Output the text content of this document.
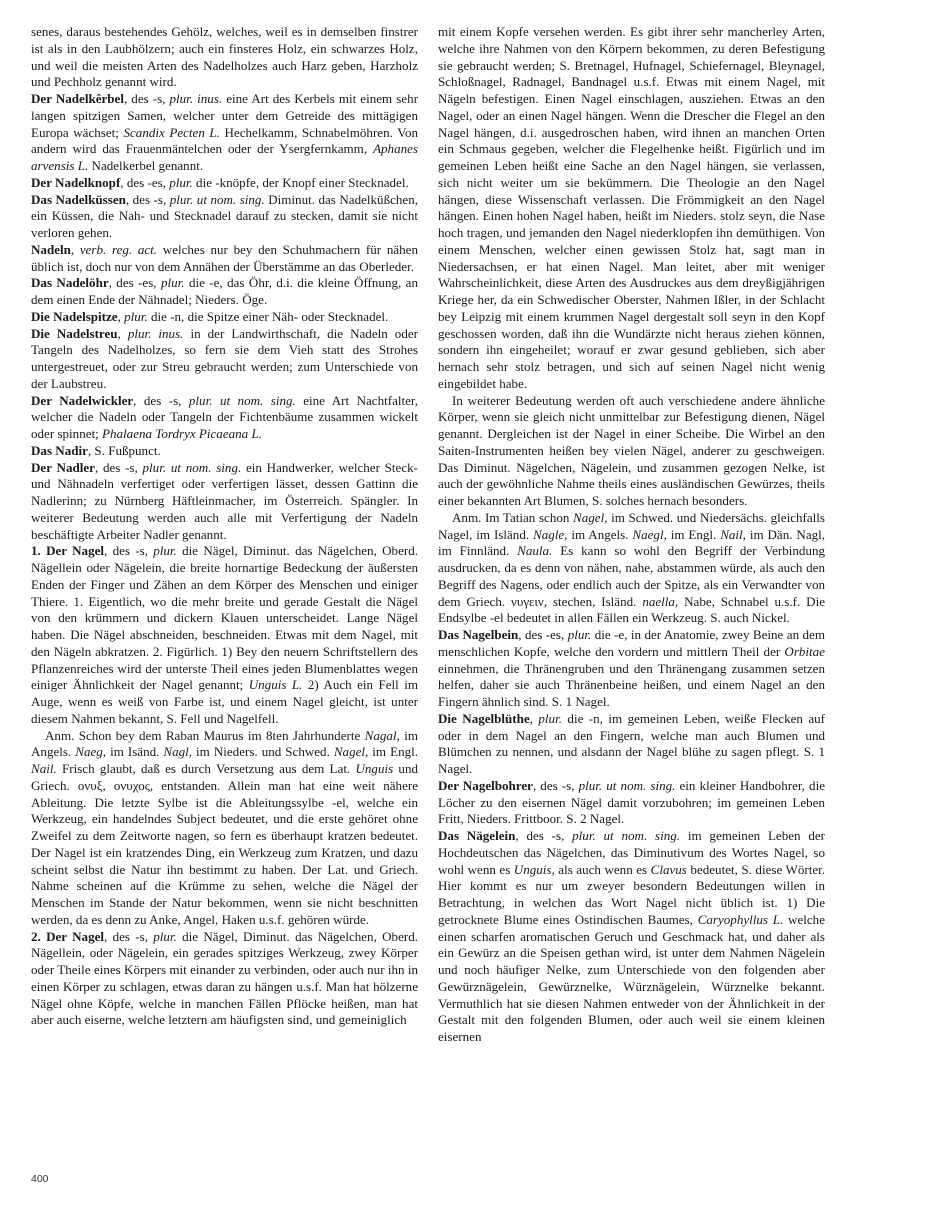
senes, daraus bestehendes Gehölz, welches, weil es in demselben finstrer ist als in den Laubhölzern; auch ein finsteres Holz, ein schwarzes Holz, und weil die meisten Arten des Nadelholzes auch Harz geben, Harzholz und Pechholz genannt wird.

Der Nadelkêrbel, des -s, plur. inus. eine Art des Kerbels mit einem sehr langen spitzigen Samen, welcher unter dem Getreide des mittägigen Europa wächset; Scandix Pecten L. Hechelkamm, Schnabelmöhren. Von andern wird das Frauenmäntelchen oder der Ysergfernkamm, Aphanes arvensis L. Nadelkerbel genannt.

Der Nadelknopf, des -es, plur. die -knöpfe, der Knopf einer Stecknadel.

Das Nadelküssen, des -s, plur. ut nom. sing. Diminut. das Nadelküßchen, ein Küssen, die Nah- und Stecknadel darauf zu stecken, damit sie nicht verloren gehen.

Nadeln, verb. reg. act. welches nur bey den Schuhmachern für nähen üblich ist, doch nur von dem Annähen der Überstämme an das Oberleder.

Das Nadelöhr, des -es, plur. die -e, das Öhr, d.i. die kleine Öffnung, an dem einen Ende der Nähnadel; Nieders. Öge.

Die Nadelspitze, plur. die -n, die Spitze einer Näh- oder Stecknadel.

Die Nadelstreu, plur. inus. in der Landwirthschaft, die Nadeln oder Tangeln des Nadelholzes, so fern sie dem Vieh statt des Strohes untergestreuet, oder zur Streu gebraucht werden; zum Unterschiede von der Laubstreu.

Der Nadelwickler, des -s, plur. ut nom. sing. eine Art Nachtfalter, welcher die Nadeln oder Tangeln der Fichtenbäume zusammen wickelt oder spinnet; Phalaena Tordryx Picaeana L.

Das Nadir, S. Fußpunct.

Der Nadler, des -s, plur. ut nom. sing. ein Handwerker, welcher Steck- und Nähnadeln verfertiget oder verfertigen lässet, dessen Gattinn die Nadlerinn; zu Nürnberg Häftleinmacher, im Österreich. Spängler. In weiterer Bedeutung werden auch alle mit Verfertigung der Nadeln beschäftigte Arbeiter Nadler genannt.

1. Der Nagel, des -s, plur. die Nägel, Diminut. das Nägelchen, Oberd. Nägellein oder Nägelein, die breite hornartige Bedeckung der äußersten Enden der Finger und Zähen an dem Körper des Menschen und einiger Thiere. 1. Eigentlich, wo die mehr breite und gerade Gestalt die Nägel von den krümmern und dickern Klauen unterscheidet. Lange Nägel haben. Die Nägel abschneiden, beschneiden. Etwas mit dem Nagel, mit den Nägeln abkratzen. 2. Figürlich. 1) Bey den neuern Schriftstellern des Pflanzenreiches wird der unterste Theil eines jeden Blumenblattes wegen einiger Ähnlichkeit der Nagel genannt; Unguis L. 2) Auch ein Fell im Auge, wenn es weiß von Farbe ist, und einem Nagel gleicht, ist unter diesem Nahmen bekannt, S. Fell und Nagelfell.

Anm. Schon bey dem Raban Maurus im 8ten Jahrhunderte Nagal, im Angels. Naeg, im Isänd. Nagl, im Nieders. und Schwed. Nagel, im Engl. Nail. Frisch glaubt, daß es durch Versetzung aus dem Lat. Unguis und Griech. ονυξ, ονυχος, entstanden. Allein man hat eine weit nähere Ableitung. Die letzte Sylbe ist die Ableitungssylbe -el, welche ein Werkzeug, ein handelndes Subject bedeutet, und die erste gehöret ohne Zweifel zu dem Zeitworte nagen, so fern es überhaupt kratzen bedeutet. Der Nagel ist ein kratzendes Ding, ein Werkzeug zum Kratzen, und dazu scheint selbst die Natur ihn bestimmt zu haben. Der Lat. und Griech. Nahme scheinen auf die Krümme zu sehen, welche die Nägel der Menschen im Stande der Natur bekommen, wenn sie nicht beschnitten werden, da es denn zu Anke, Angel, Haken u.s.f. gehören würde.

2. Der Nagel, des -s, plur. die Nägel, Diminut. das Nägelchen, Oberd. Nägellein, oder Nägelein, ein gerades spitziges Werkzeug, zwey Körper oder Theile eines Körpers mit einander zu verbinden, oder auch nur ihn in einen Körper zu schlagen, etwas daran zu hängen u.s.f. Man hat hölzerne Nägel ohne Köpfe, welche in manchen Fällen Pflöcke heißen, man hat aber auch eiserne, welche letztern am häufigsten sind, und gemeiniglich

mit einem Kopfe versehen werden. Es gibt ihrer sehr mancherley Arten, welche ihre Nahmen von den Körpern bekommen, zu deren Befestigung sie gebraucht werden; S. Bretnagel, Hufnagel, Schiefernagel, Bleynagel, Schloßnagel, Radnagel, Bandnagel u.s.f. Etwas mit einem Nagel, mit Nägeln befestigen. Einen Nagel einschlagen, ausziehen. Etwas an den Nagel, oder an einen Nagel hängen. Wenn die Drescher die Flegel an den Nagel hängen, d.i. ausgedroschen haben, wird ihnen an manchen Orten ein Schmaus gegeben, welcher die Flegelhenke heißt. Figürlich und im gemeinen Leben heißt eine Sache an den Nagel hängen, sie verlassen, sich nicht weiter um sie bekümmern. Die Theologie an den Nagel hängen, diese Wissenschaft verlassen. Die Frömmigkeit an den Nagel hängen. Einen hohen Nagel haben, heißt im Nieders. stolz seyn, die Nase hoch tragen, und jemanden den Nagel niederklopfen ihn demüthigen. Von einem Menschen, welcher einen gewissen Stolz hat, sagt man in Niedersachsen, er hat einen Nagel. Man leitet, aber mit weniger Wahrscheinlichkeit, diese Arten des Ausdruckes aus dem dreyßigjährigen Kriege her, da ein Schwedischer Oberster, Nahmen Ißler, in der Schlacht bey Leipzig mit einem krummen Nagel dergestalt soll seyn in den Kopf geschossen worden, daß ihn die Wundärzte nicht heraus ziehen können, sondern ihn eingeheilet; worauf er zwar gesund geblieben, sich aber hernach sehr stolz betragen, und sich auf seinen Nagel nicht wenig eingebildet habe.

In weiterer Bedeutung werden oft auch verschiedene andere ähnliche Körper, wenn sie gleich nicht unmittelbar zur Befestigung dienen, Nägel genannt. Dergleichen ist der Nagel in einer Scheibe. Die Wirbel an den Saiten-Instrumenten heißen bey vielen Nägel, anderer zu geschweigen. Das Diminut. Nägelchen, Nägelein, und zusammen gezogen Nelke, ist auch der gewöhnliche Nahme theils eines ausländischen Gewürzes, theils einer bekannten Art Blumen, S. solches hernach besonders.

Anm. Im Tatian schon Nagel, im Schwed. und Niedersächs. gleichfalls Nagel, im Isländ. Nagle, im Angels. Naegl, im Engl. Nail, im Dän. Nagl, im Finnländ. Naula. Es kann so wohl den Begriff der Verbindung ausdrucken, da es denn von nähen, nahe, abstammen würde, als auch den Begriff des Nagens, oder endlich auch der Spitze, als ein Verwandter von dem Griech. νυγειν, stechen, Isländ. naella, Nabe, Schnabel u.s.f. Die Endsylbe -el bedeutet in allen Fällen ein Werkzeug. S. auch Nickel.

Das Nagelbein, des -es, plur. die -e, in der Anatomie, zwey Beine an dem menschlichen Kopfe, welche den vordern und mittlern Theil der Orbitae einnehmen, die Thränengruben und den Thränengang zusammen setzen helfen, daher sie auch Thränenbeine heißen, und einem Nagel an den Fingern ähnlich sind. S. 1 Nagel.

Die Nagelblüthe, plur. die -n, im gemeinen Leben, weiße Flecken auf oder in dem Nagel an den Fingern, welche man auch Blumen und Blümchen zu nennen, und alsdann der Nagel blühe zu sagen pflegt. S. 1 Nagel.

Der Nagelbohrer, des -s, plur. ut nom. sing. ein kleiner Handbohrer, die Löcher zu den eisernen Nägel damit vorzubohren; im gemeinen Leben Fritt, Nieders. Frittboor. S. 2 Nagel.

Das Nägelein, des -s, plur. ut nom. sing. im gemeinen Leben der Hochdeutschen das Nägelchen, das Diminutivum des Wortes Nagel, so wohl wenn es Unguis, als auch wenn es Clavus bedeutet, S. diese Wörter. Hier kommt es nur um zweyer besondern Bedeutungen willen in Betrachtung, in welchen das Wort Nagel nicht üblich ist. 1) Die getrocknete Blume eines Ostindischen Baumes, Caryophyllus L. welche einen scharfen aromatischen Geruch und Geschmack hat, und daher als ein Gewürz an die Speisen gethan wird, ist unter dem Nahmen Nägelein und noch häufiger Nelke, zum Unterschiede von den folgenden aber Gewürznägelein, Gewürznelke, Würznägelein, Würznelke bekannt. Vermuthlich hat sie diesen Nahmen entweder von der Ähnlichkeit in der Gestalt mit den folgenden Blumen, oder auch weil sie einem kleinen eisernen

400
